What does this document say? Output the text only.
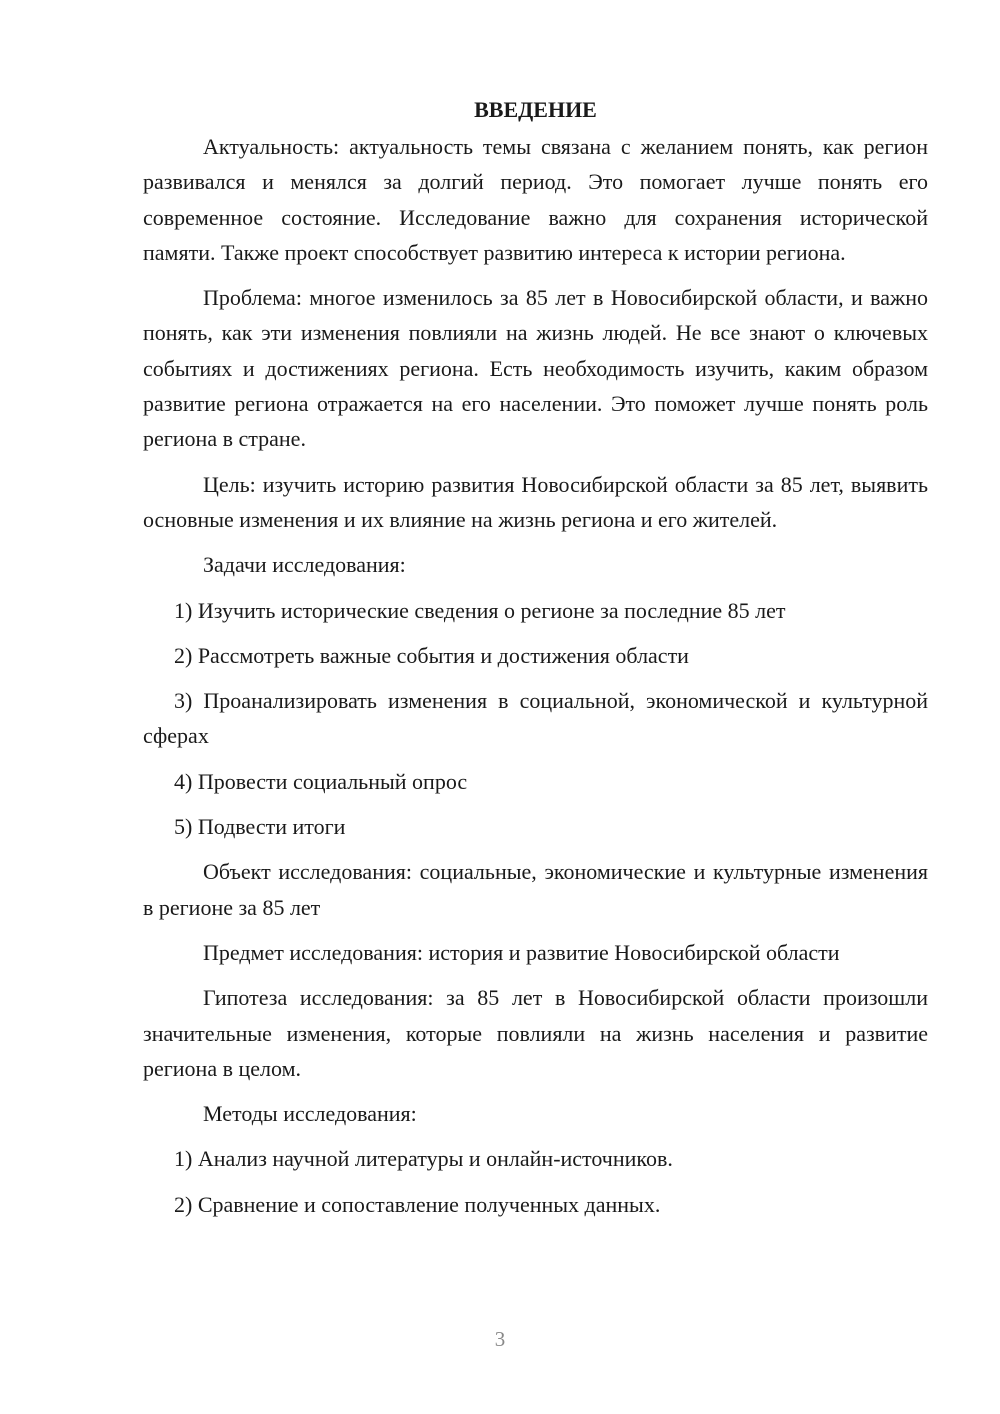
ВВЕДЕНИЕ

Актуальность: актуальность темы связана с желанием понять, как регион развивался и менялся за долгий период. Это помогает лучше понять его современное состояние. Исследование важно для сохранения исторической памяти. Также проект способствует развитию интереса к истории региона.

Проблема: многое изменилось за 85 лет в Новосибирской области, и важно понять, как эти изменения повлияли на жизнь людей. Не все знают о ключевых событиях и достижениях региона. Есть необходимость изучить, каким образом развитие региона отражается на его населении. Это поможет лучше понять роль региона в стране.

Цель: изучить историю развития Новосибирской области за 85 лет, выявить основные изменения и их влияние на жизнь региона и его жителей.

Задачи исследования:

1) Изучить исторические сведения о регионе за последние 85 лет

2) Рассмотреть важные события и достижения области

3) Проанализировать изменения в социальной, экономической и культурной сферах

4) Провести социальный опрос

5) Подвести итоги

Объект исследования: социальные, экономические и культурные изменения в регионе за 85 лет

Предмет исследования: история и развитие Новосибирской области

Гипотеза исследования: за 85 лет в Новосибирской области произошли значительные изменения, которые повлияли на жизнь населения и развитие региона в целом.

Методы исследования:

1) Анализ научной литературы и онлайн-источников.

2) Сравнение и сопоставление полученных данных.

3
